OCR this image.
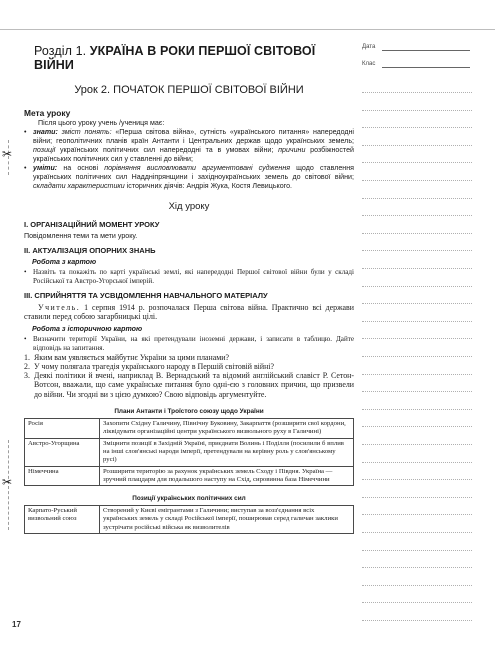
✂
✂
Розділ 1. УКРАЇНА В РОКИ ПЕРШОЇ СВІТОВОЇ ВІЙНИ
Урок 2. ПОЧАТОК ПЕРШОЇ СВІТОВОЇ ВІЙНИ
Мета уроку
Після цього уроку учень /учениця має:
• знати: зміст понять: «Перша світова війна», сутність «українського питання» напередодні війни; геополітичних планів країн Антанти і Центральних держав щодо українських земель; позиції українських політичних сил напередодні та в умовах війни; причини розбіжностей українських політичних сил у ставленні до війни;
• уміти: на основі порівняння висловлювати аргументовані судження щодо ставлення українських політичних сил Наддніпрянщини і західноукраїнських земель до світової війни; складати характеристики історичних діячів: Андрія Жука, Костя Левицького.
Хід уроку
І. ОРГАНІЗАЦІЙНИЙ МОМЕНТ УРОКУ
Повідомлення теми та мети уроку.
ІІ. АКТУАЛІЗАЦІЯ ОПОРНИХ ЗНАНЬ
Робота з картою
• Назвіть та покажіть по карті українські землі, які напередодні Першої світової війни були у складі Російської та Австро-Угорської імперій.
ІІІ. СПРИЙНЯТТЯ ТА УСВІДОМЛЕННЯ НАВЧАЛЬНОГО МАТЕРІАЛУ
Учитель. 1 серпня 1914 р. розпочалася Перша світова війна. Практично всі держави ставили перед собою загарбницькі цілі.
Робота з історичною картою
• Визначити території України, на які претендували іноземні держави, і записати в таблицю. Дайте відповідь на запитання.
1. Яким вам уявляється майбутнє України за цими планами?
2. У чому полягала трагедія українського народу в Першій світовій війні?
3. Деякі політики й вчені, наприклад В. Вернадський та відомий англійський славіст Р. Сетон-Вотсон, вважали, що саме українське питання було одні-єю з головних причин, що призвели до війни. Чи згодні ви з цією думкою? Свою відповідь аргументуйте.
Плани Антанти і Троїстого союзу щодо України
Росія	Захопити Східну Галичину, Північну Буковину, Закарпаття (розширити свої кордони, ліквідувати організаційні центри українського визвольного руху в Галичині)
Австро-Угорщина	Зміцнити позиції в Західній Україні, приєднати Волинь і Поділля (посилили б вплив на інші слов'янські народи імперії, претендували на керівну роль у слов'янському русі)
Німеччина	Розширити територію за рахунок українських земель Сходу і Півдня. Україна — зручний плацдарм для подальшого наступу на Схід, сировинна база Німеччини
Позиції українських політичних сил
Карпато-Руський визвольний союз	Створений у Києві емігрантами з Галичини; виступав за возз'єднання всіх українських земель у складі Російської імперії, поширював серед галичан заклики зустрічати російські війська як визволителів
Дата
Клас
17
